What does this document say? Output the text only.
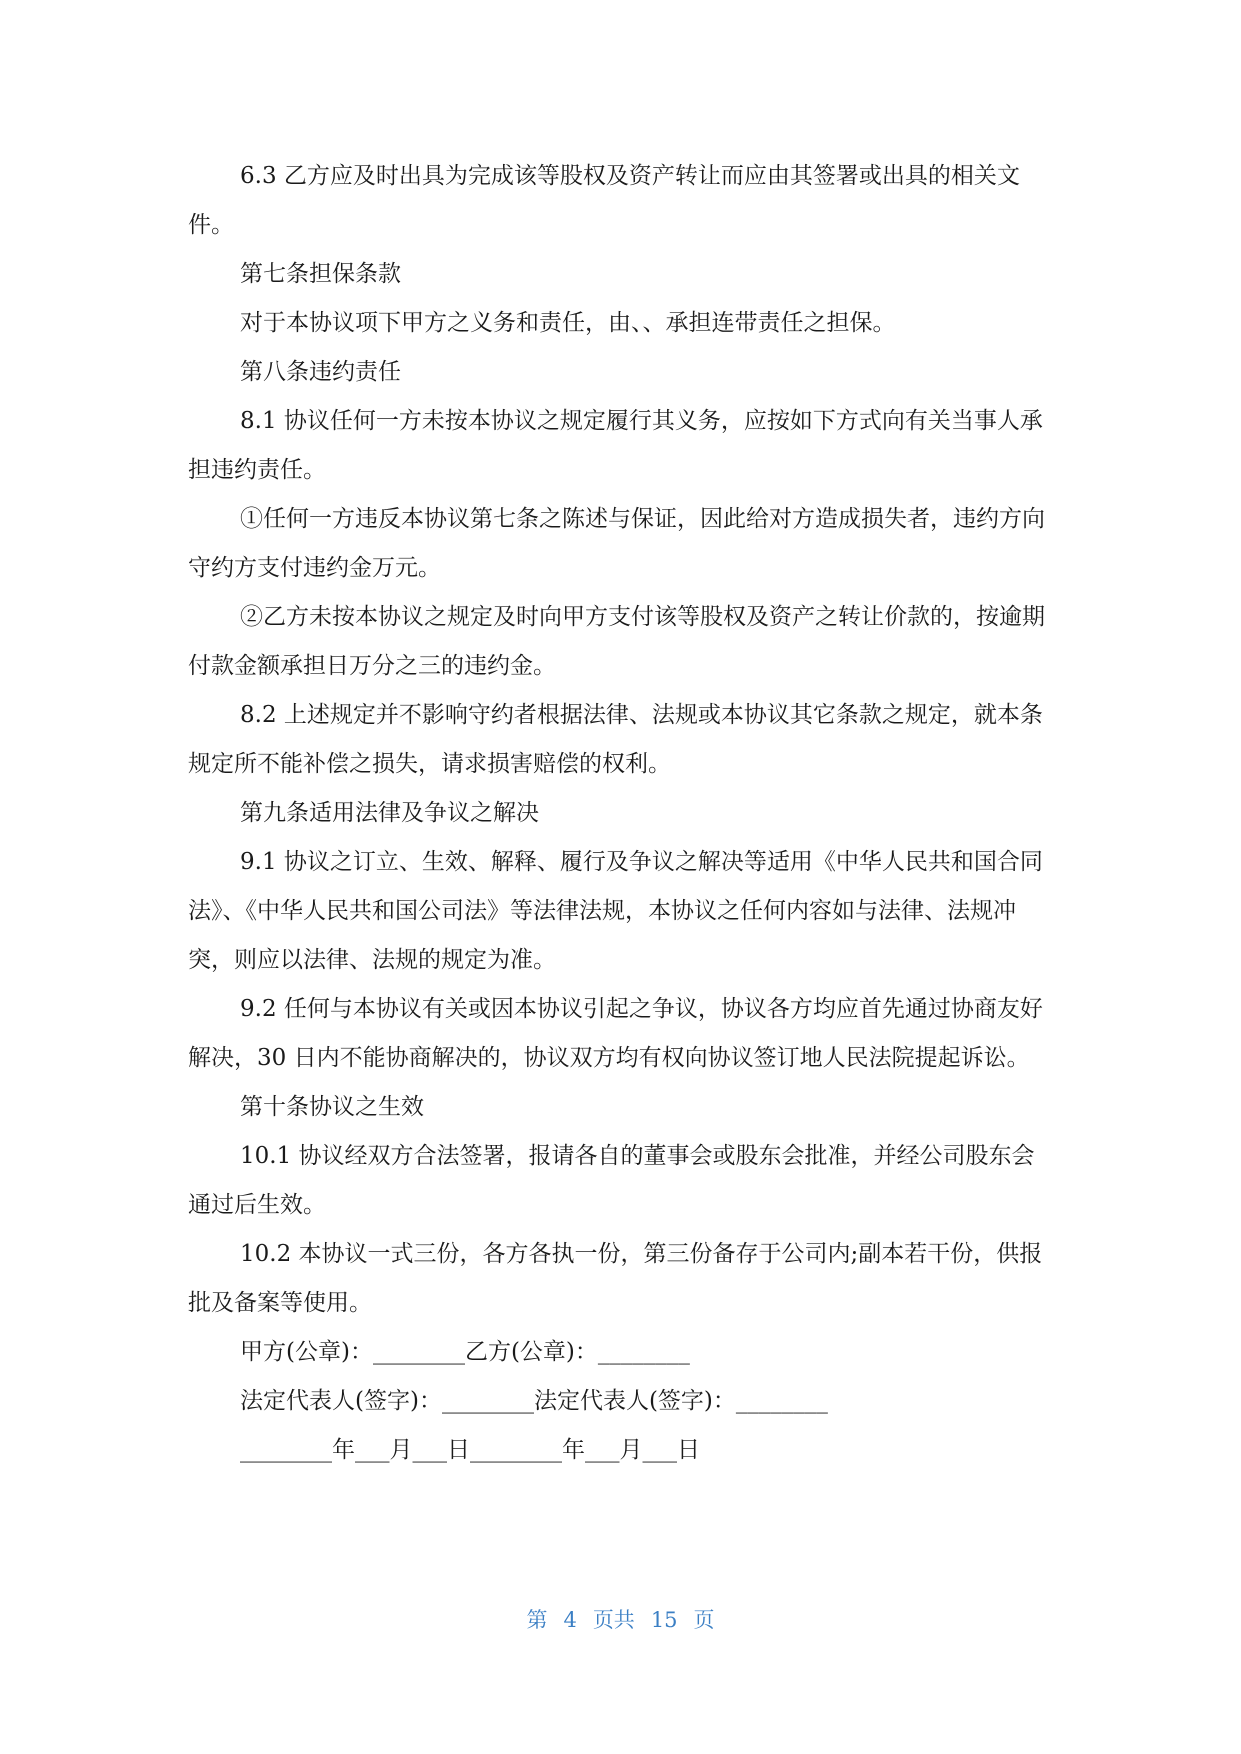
6.3 乙方应及时出具为完成该等股权及资产转让而应由其签署或出具的相关文件。

第七条担保条款

对于本协议项下甲方之义务和责任，由、、承担连带责任之担保。

第八条违约责任

8.1 协议任何一方未按本协议之规定履行其义务，应按如下方式向有关当事人承担违约责任。

①任何一方违反本协议第七条之陈述与保证，因此给对方造成损失者，违约方向守约方支付违约金万元。

②乙方未按本协议之规定及时向甲方支付该等股权及资产之转让价款的，按逾期付款金额承担日万分之三的违约金。

8.2 上述规定并不影响守约者根据法律、法规或本协议其它条款之规定，就本条规定所不能补偿之损失，请求损害赔偿的权利。

第九条适用法律及争议之解决

9.1 协议之订立、生效、解释、履行及争议之解决等适用《中华人民共和国合同法》、《中华人民共和国公司法》等法律法规，本协议之任何内容如与法律、法规冲突，则应以法律、法规的规定为准。

9.2 任何与本协议有关或因本协议引起之争议，协议各方均应首先通过协商友好解决，30 日内不能协商解决的，协议双方均有权向协议签订地人民法院提起诉讼。

第十条协议之生效

10.1 协议经双方合法签署，报请各自的董事会或股东会批准，并经公司股东会通过后生效。

10.2 本协议一式三份，各方各执一份，第三份备存于公司内;副本若干份，供报批及备案等使用。

甲方(公章)：________乙方(公章)：________

法定代表人(签字)：________法定代表人(签字)：________

________年___月___日________年___月___日

第 4 页共 15 页
